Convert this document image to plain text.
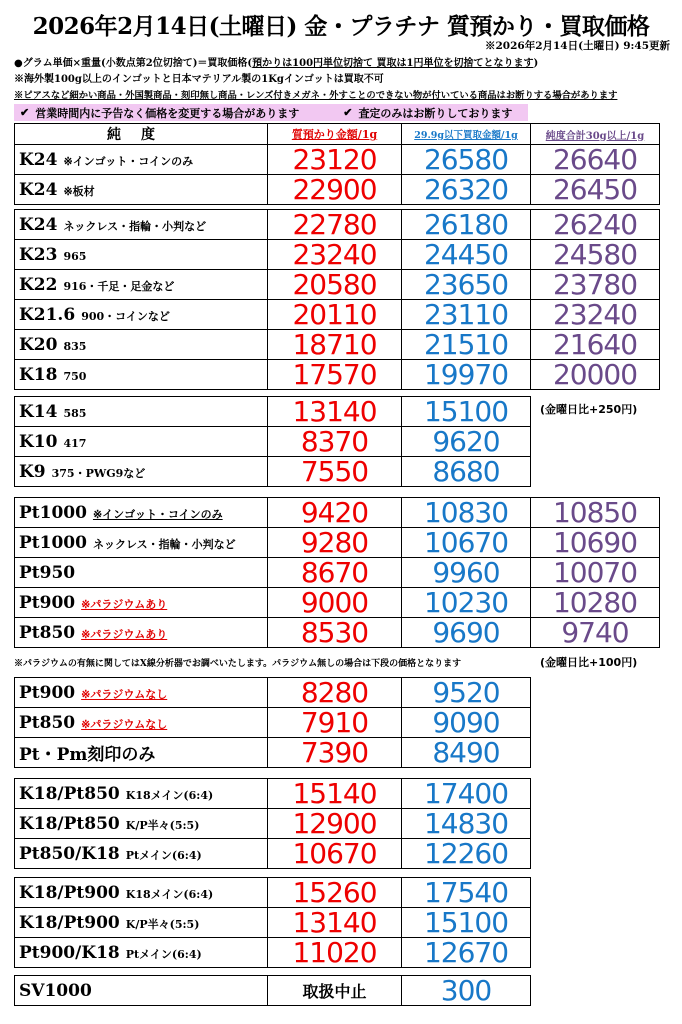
2026年2月14日(土曜日) 金・プラチナ 質預かり・買取価格
※2026年2月14日(土曜日) 9:45更新
●グラム単価×重量(小数点第2位切捨て)＝買取価格(預かりは100円単位切捨て 買取は1円単位を切捨てとなります)
※海外製100g以上のインゴットと日本マテリアル製の1Kgインゴットは買取不可
※ピアスなど細かい商品・外国製商品・刻印無し商品・レンズ付きメガネ・外すことのできない物が付いている商品はお断りする場合があります
✔ 営業時間内に予告なく価格を変更する場合があります	✔ 査定のみはお断りしております
純度	質預かり金額/1g	29.9g以下買取金額/1g	純度合計30g以上/1g
K24 ※インゴット・コインのみ	23120	26580	26640
K24 ※板材	22900	26320	26450
K24 ネックレス・指輪・小判など	22780	26180	26240
K23 965	23240	24450	24580
K22 916・千足・足金など	20580	23650	23780
K21.6 900・コインなど	20110	23110	23240
K20 835	18710	21510	21640
K18 750	17570	19970	20000
K14 585	13140	15100
K10 417	8370	9620
K9 375・PWG9など	7550	8680
(金曜日比+250円)
Pt1000 ※インゴット・コインのみ	9420	10830	10850
Pt1000 ネックレス・指輪・小判など	9280	10670	10690
Pt950	8670	9960	10070
Pt900 ※パラジウムあり	9000	10230	10280
Pt850 ※パラジウムあり	8530	9690	9740
※パラジウムの有無に関してはX線分析器でお調べいたします。パラジウム無しの場合は下段の価格となります	(金曜日比+100円)
Pt900 ※パラジウムなし	8280	9520
Pt850 ※パラジウムなし	7910	9090
Pt・Pm刻印のみ	7390	8490
K18/Pt850 K18メイン(6:4)	15140	17400
K18/Pt850 K/P半々(5:5)	12900	14830
Pt850/K18 Ptメイン(6:4)	10670	12260
K18/Pt900 K18メイン(6:4)	15260	17540
K18/Pt900 K/P半々(5:5)	13140	15100
Pt900/K18 Ptメイン(6:4)	11020	12670
SV1000	取扱中止	300
